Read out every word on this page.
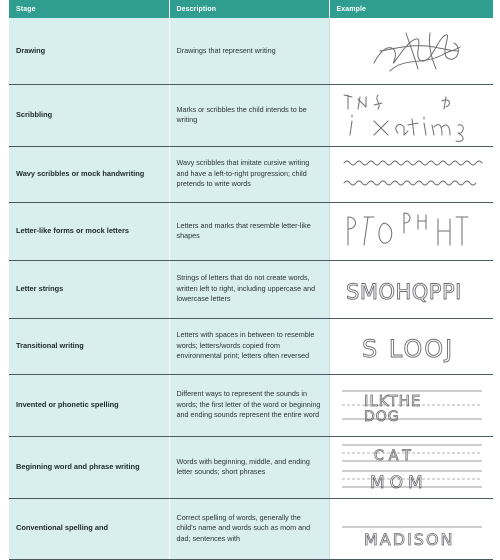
Stage	Description	Example
Drawing	Drawings that represent writing	

Scribbling	Marks or scribbles the child intends to be writing	

Wavy scribbles or mock handwriting	Wavy scribbles that imitate cursive writing and have a left-to-right progression; child pretends to write words	

Letter-like forms or mock letters	Letters and marks that resemble letter-like shapes	

Letter strings	Strings of letters that do not create words, written left to right, including uppercase and lowercase letters	SMOHQPPI

Transitional writing	Letters with spaces in between to resemble words; letters/words copied from environmental print; letters often reversed	S LOOJ

Invented or phonetic spelling	Different ways to represent the sounds in words; the first letter of the word or beginning and ending sounds represent the entire word	ILKTHE
DOG

Beginning word and phrase writing	Words with beginning, middle, and ending letter sounds; short phrases	CAT
MOM

Conventional spelling and	Correct spelling of words, generally the child's name and words such as mom and dad; sentences with	MADISON
